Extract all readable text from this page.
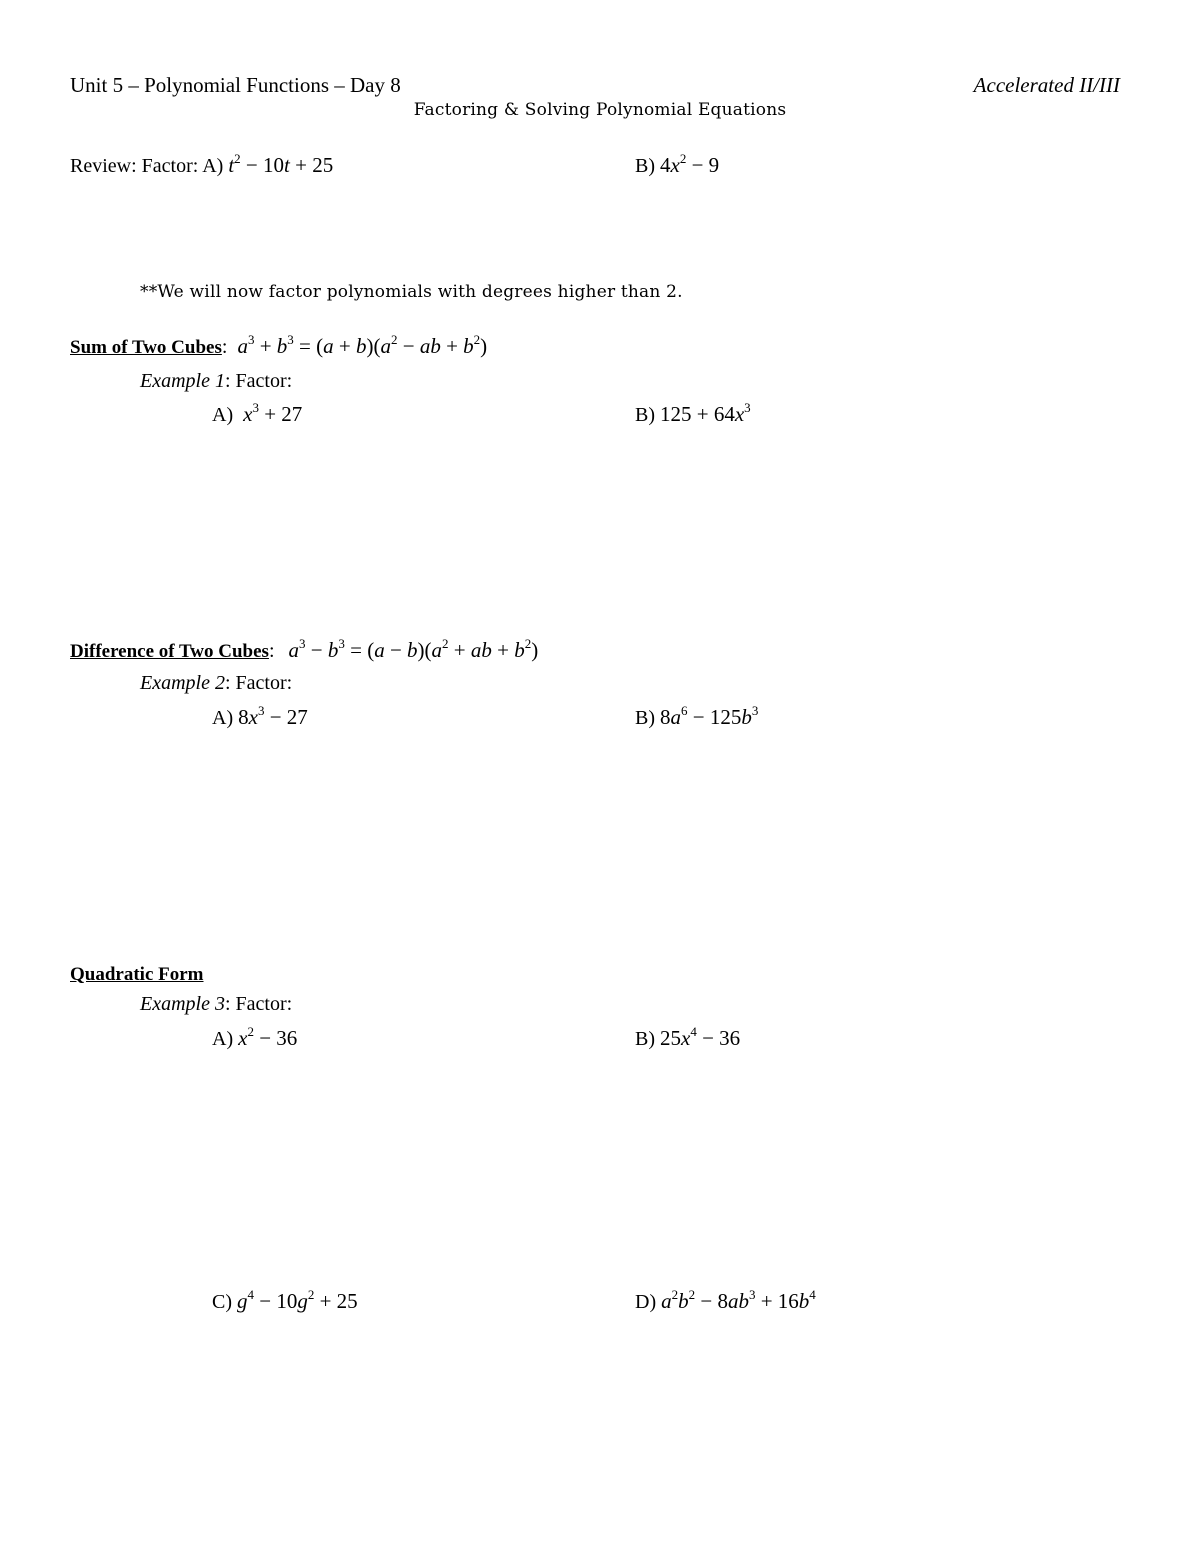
Unit 5 – Polynomial Functions – Day 8	Accelerated II/III
Factoring & Solving Polynomial Equations
Review: Factor: A) $t^2 - 10t + 25$	B) $4x^2 - 9$
**We will now factor polynomials with degrees higher than 2.
Sum of Two Cubes: $a^3 + b^3 = (a + b)(a^2$ − ab + $b^2$)
Example 1: Factor:
A) $x^3 + 27$	B) $125 + 64x^3$
Difference of Two Cubes: $a^3 - b^3 = (a - b)(a^2$ + ab + $b^2$)
Example 2: Factor:
A) $8x^3 - 27$	B) $8a^6 - 125b^3$
Quadratic Form
Example 3: Factor:
A) $x^2 - 36$	B) $25x^4 - 36$
C) $g^4 - 10g^2 + 25$	D) $a^2b^2 - 8ab^3 + 16b^4$
